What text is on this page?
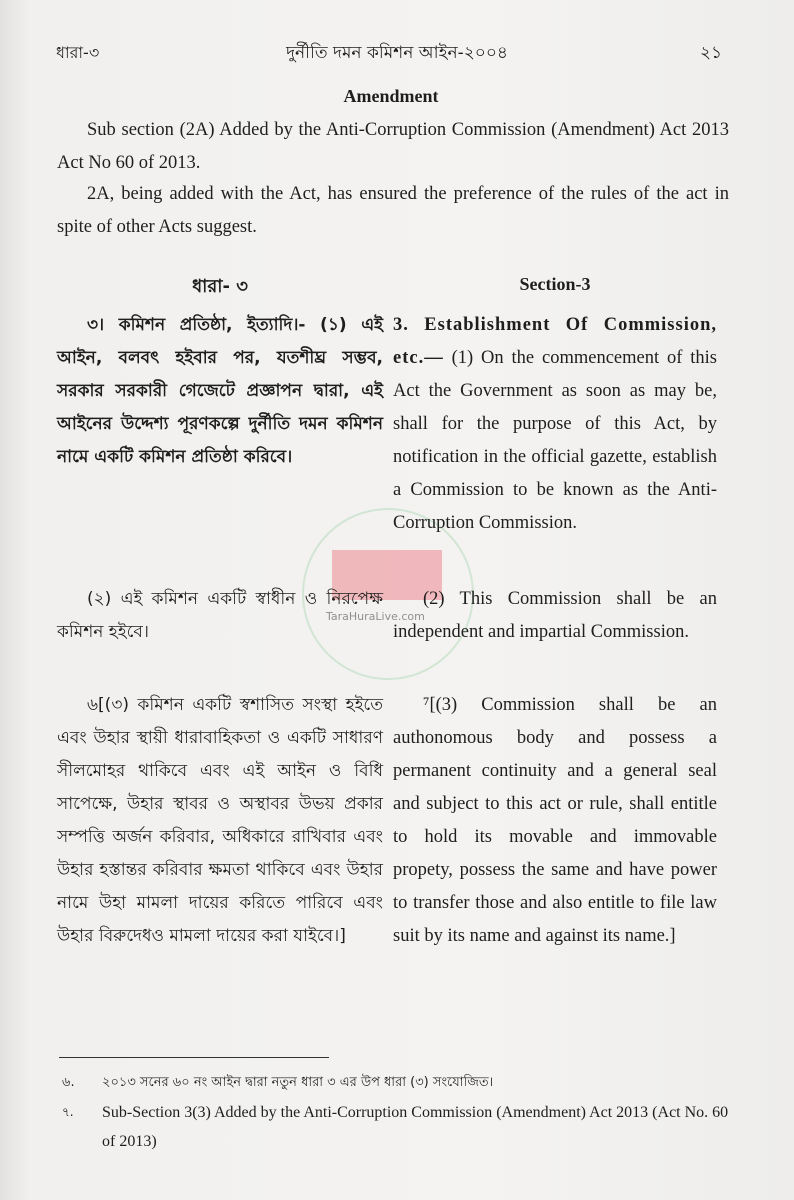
TaraHuraLive.com
ধারা-৩	দুর্নীতি দমন কমিশন আইন-২০০৪	২১
Amendment
Sub section (2A) Added by the Anti-Corruption Commission (Amendment) Act 2013 Act No 60 of 2013.
2A, being added with the Act, has ensured the preference of the rules of the act in spite of other Acts suggest.
ধারা- ৩	Section-3
৩। কমিশন প্রতিষ্ঠা, ইত্যাদি।- (১) এই আইন, বলবৎ হইবার পর, যতশীঘ্র সম্ভব, সরকার সরকারী গেজেটে প্রজ্ঞাপন দ্বারা, এই আইনের উদ্দেশ্য পূরণকল্পে দুর্নীতি দমন কমিশন নামে একটি কমিশন প্রতিষ্ঠা করিবে।
3. Establishment Of Commission, etc.— (1) On the commencement of this Act the Government as soon as may be, shall for the purpose of this Act, by notification in the official gazette, establish a Commission to be known as the Anti-Corruption Commission.
(২) এই কমিশন একটি স্বাধীন ও নিরপেক্ষ কমিশন হইবে।
(2) This Commission shall be an independent and impartial Commission.
৬[(৩) কমিশন একটি স্বশাসিত সংস্থা হইতে এবং উহার স্থায়ী ধারাবাহিকতা ও একটি সাধারণ সীলমোহর থাকিবে এবং এই আইন ও বিধি সাপেক্ষে, উহার স্থাবর ও অস্থাবর উভয় প্রকার সম্পত্তি অর্জন করিবার, অধিকারে রাখিবার এবং উহার হস্তান্তর করিবার ক্ষমতা থাকিবে এবং উহার নামে উহা মামলা দায়ের করিতে পারিবে এবং উহার বিরুদেধও মামলা দায়ের করা যাইবে।]
⁷[(3) Commission shall be an authonomous body and possess a permanent continuity and a general seal and subject to this act or rule, shall entitle to hold its movable and immovable propety, possess the same and have power to transfer those and also entitle to file law suit by its name and against its name.]
৬. ২০১৩ সনের ৬০ নং আইন দ্বারা নতুন ধারা ৩ এর উপ ধারা (৩) সংযোজিত।
৭.	Sub-Section 3(3) Added by the Anti-Corruption Commission (Amendment) Act 2013 (Act No. 60 of 2013)
